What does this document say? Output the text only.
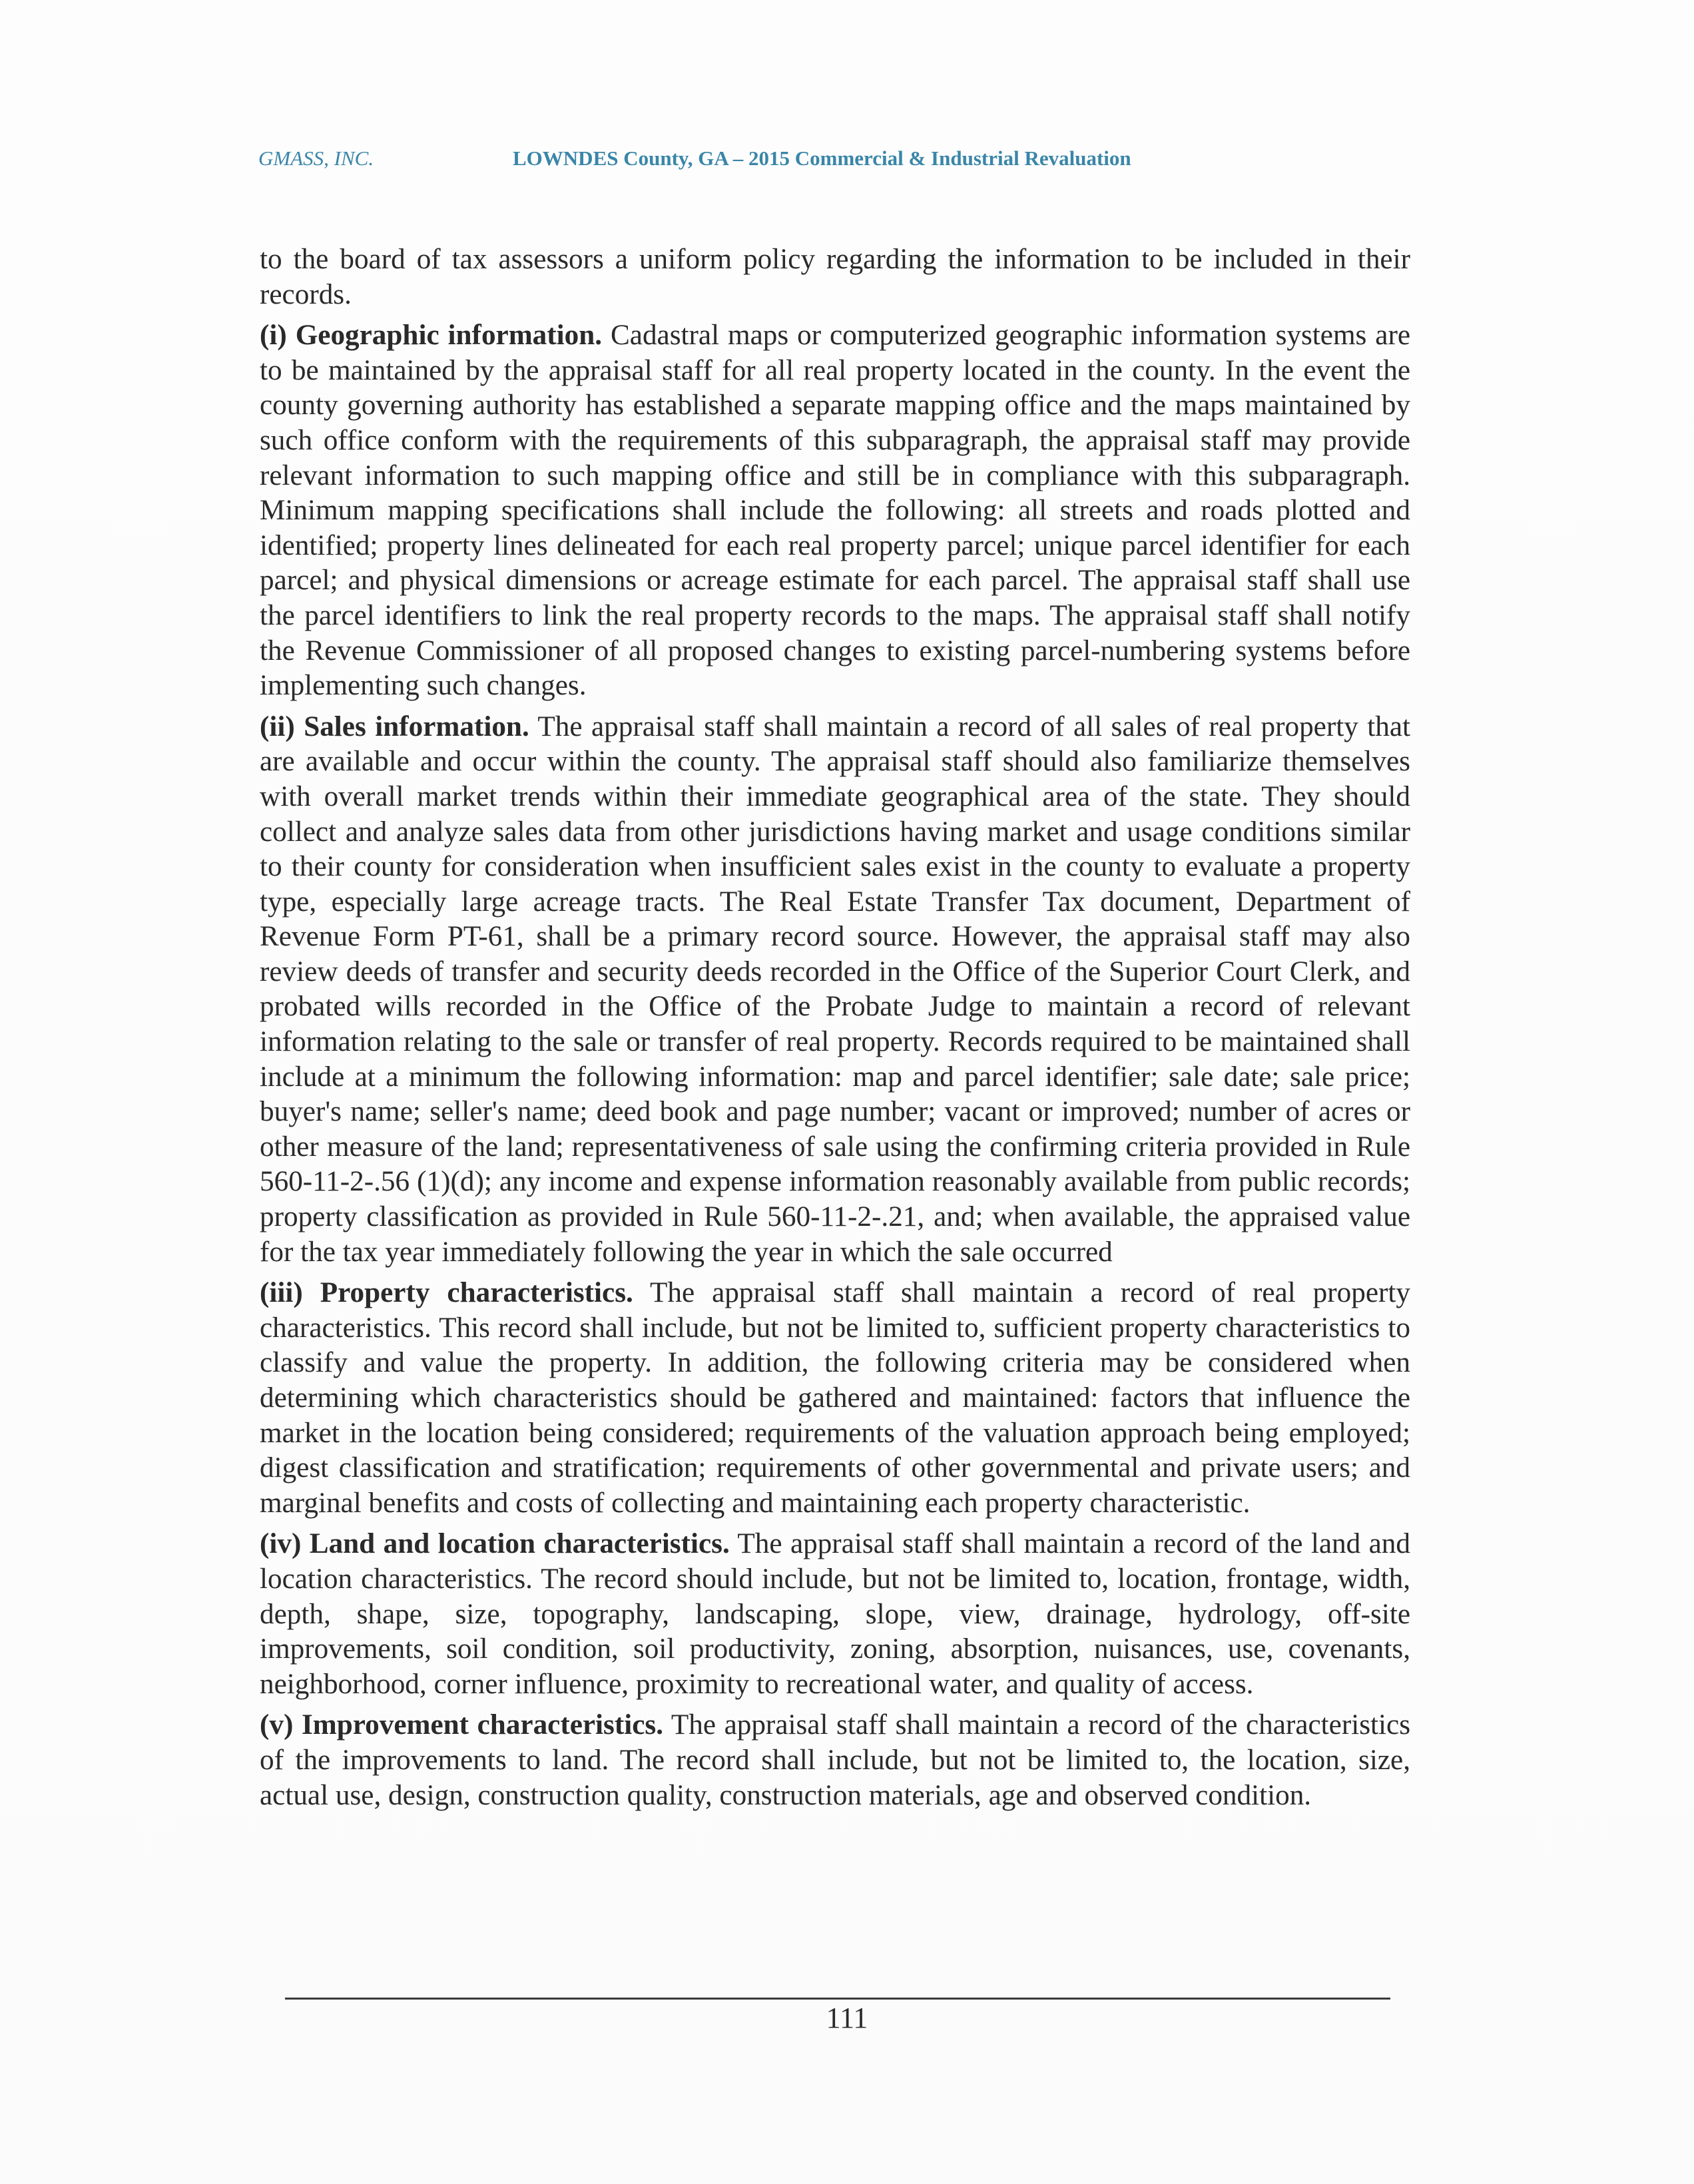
GMASS, INC.	LOWNDES County, GA – 2015 Commercial & Industrial Revaluation

to the board of tax assessors a uniform policy regarding the information to be included in their records.

(i) Geographic information. Cadastral maps or computerized geographic information systems are to be maintained by the appraisal staff for all real property located in the county. In the event the county governing authority has established a separate mapping office and the maps maintained by such office conform with the requirements of this subparagraph, the appraisal staff may provide relevant information to such mapping office and still be in compliance with this subparagraph. Minimum mapping specifications shall include the following: all streets and roads plotted and identified; property lines delineated for each real property parcel; unique parcel identifier for each parcel; and physical dimensions or acreage estimate for each parcel. The appraisal staff shall use the parcel identifiers to link the real property records to the maps. The appraisal staff shall notify the Revenue Commissioner of all proposed changes to existing parcel-numbering systems before implementing such changes.

(ii) Sales information. The appraisal staff shall maintain a record of all sales of real property that are available and occur within the county. The appraisal staff should also familiarize themselves with overall market trends within their immediate geographical area of the state. They should collect and analyze sales data from other jurisdictions having market and usage conditions similar to their county for consideration when insufficient sales exist in the county to evaluate a property type, especially large acreage tracts. The Real Estate Transfer Tax document, Department of Revenue Form PT-61, shall be a primary record source. However, the appraisal staff may also review deeds of transfer and security deeds recorded in the Office of the Superior Court Clerk, and probated wills recorded in the Office of the Probate Judge to maintain a record of relevant information relating to the sale or transfer of real property. Records required to be maintained shall include at a minimum the following information: map and parcel identifier; sale date; sale price; buyer's name; seller's name; deed book and page number; vacant or improved; number of acres or other measure of the land; representativeness of sale using the confirming criteria provided in Rule 560-11-2-.56 (1)(d); any income and expense information reasonably available from public records; property classification as provided in Rule 560-11-2-.21, and; when available, the appraised value for the tax year immediately following the year in which the sale occurred

(iii) Property characteristics. The appraisal staff shall maintain a record of real property characteristics. This record shall include, but not be limited to, sufficient property characteristics to classify and value the property. In addition, the following criteria may be considered when determining which characteristics should be gathered and maintained: factors that influence the market in the location being considered; requirements of the valuation approach being employed; digest classification and stratification; requirements of other governmental and private users; and marginal benefits and costs of collecting and maintaining each property characteristic.

(iv) Land and location characteristics. The appraisal staff shall maintain a record of the land and location characteristics. The record should include, but not be limited to, location, frontage, width, depth, shape, size, topography, landscaping, slope, view, drainage, hydrology, off-site improvements, soil condition, soil productivity, zoning, absorption, nuisances, use, covenants, neighborhood, corner influence, proximity to recreational water, and quality of access.

(v) Improvement characteristics. The appraisal staff shall maintain a record of the characteristics of the improvements to land. The record shall include, but not be limited to, the location, size, actual use, design, construction quality, construction materials, age and observed condition.

111
